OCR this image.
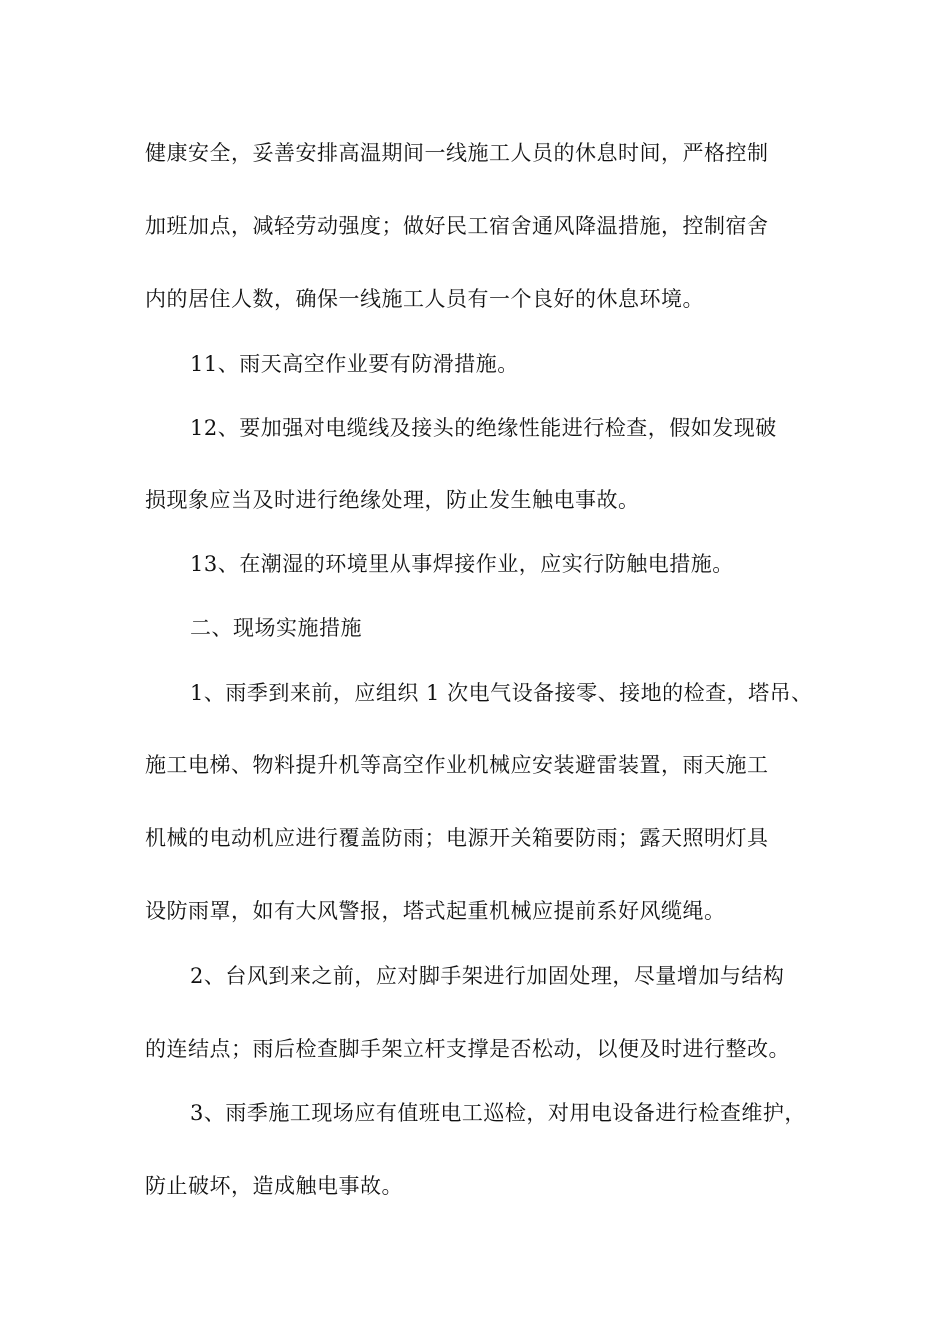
健康安全，妥善安排高温期间一线施工人员的休息时间，严格控制
加班加点，减轻劳动强度；做好民工宿舍通风降温措施，控制宿舍
内的居住人数，确保一线施工人员有一个良好的休息环境。
11、雨天高空作业要有防滑措施。
12、要加强对电缆线及接头的绝缘性能进行检查，假如发现破
损现象应当及时进行绝缘处理，防止发生触电事故。
13、在潮湿的环境里从事焊接作业，应实行防触电措施。
二、现场实施措施
1、雨季到来前，应组织 1 次电气设备接零、接地的检查，塔吊、
施工电梯、物料提升机等高空作业机械应安装避雷装置，雨天施工
机械的电动机应进行覆盖防雨；电源开关箱要防雨；露天照明灯具
设防雨罩，如有大风警报，塔式起重机械应提前系好风缆绳。
2、台风到来之前，应对脚手架进行加固处理，尽量增加与结构
的连结点；雨后检查脚手架立杆支撑是否松动，以便及时进行整改。
3、雨季施工现场应有值班电工巡检，对用电设备进行检查维护，
防止破坏，造成触电事故。
